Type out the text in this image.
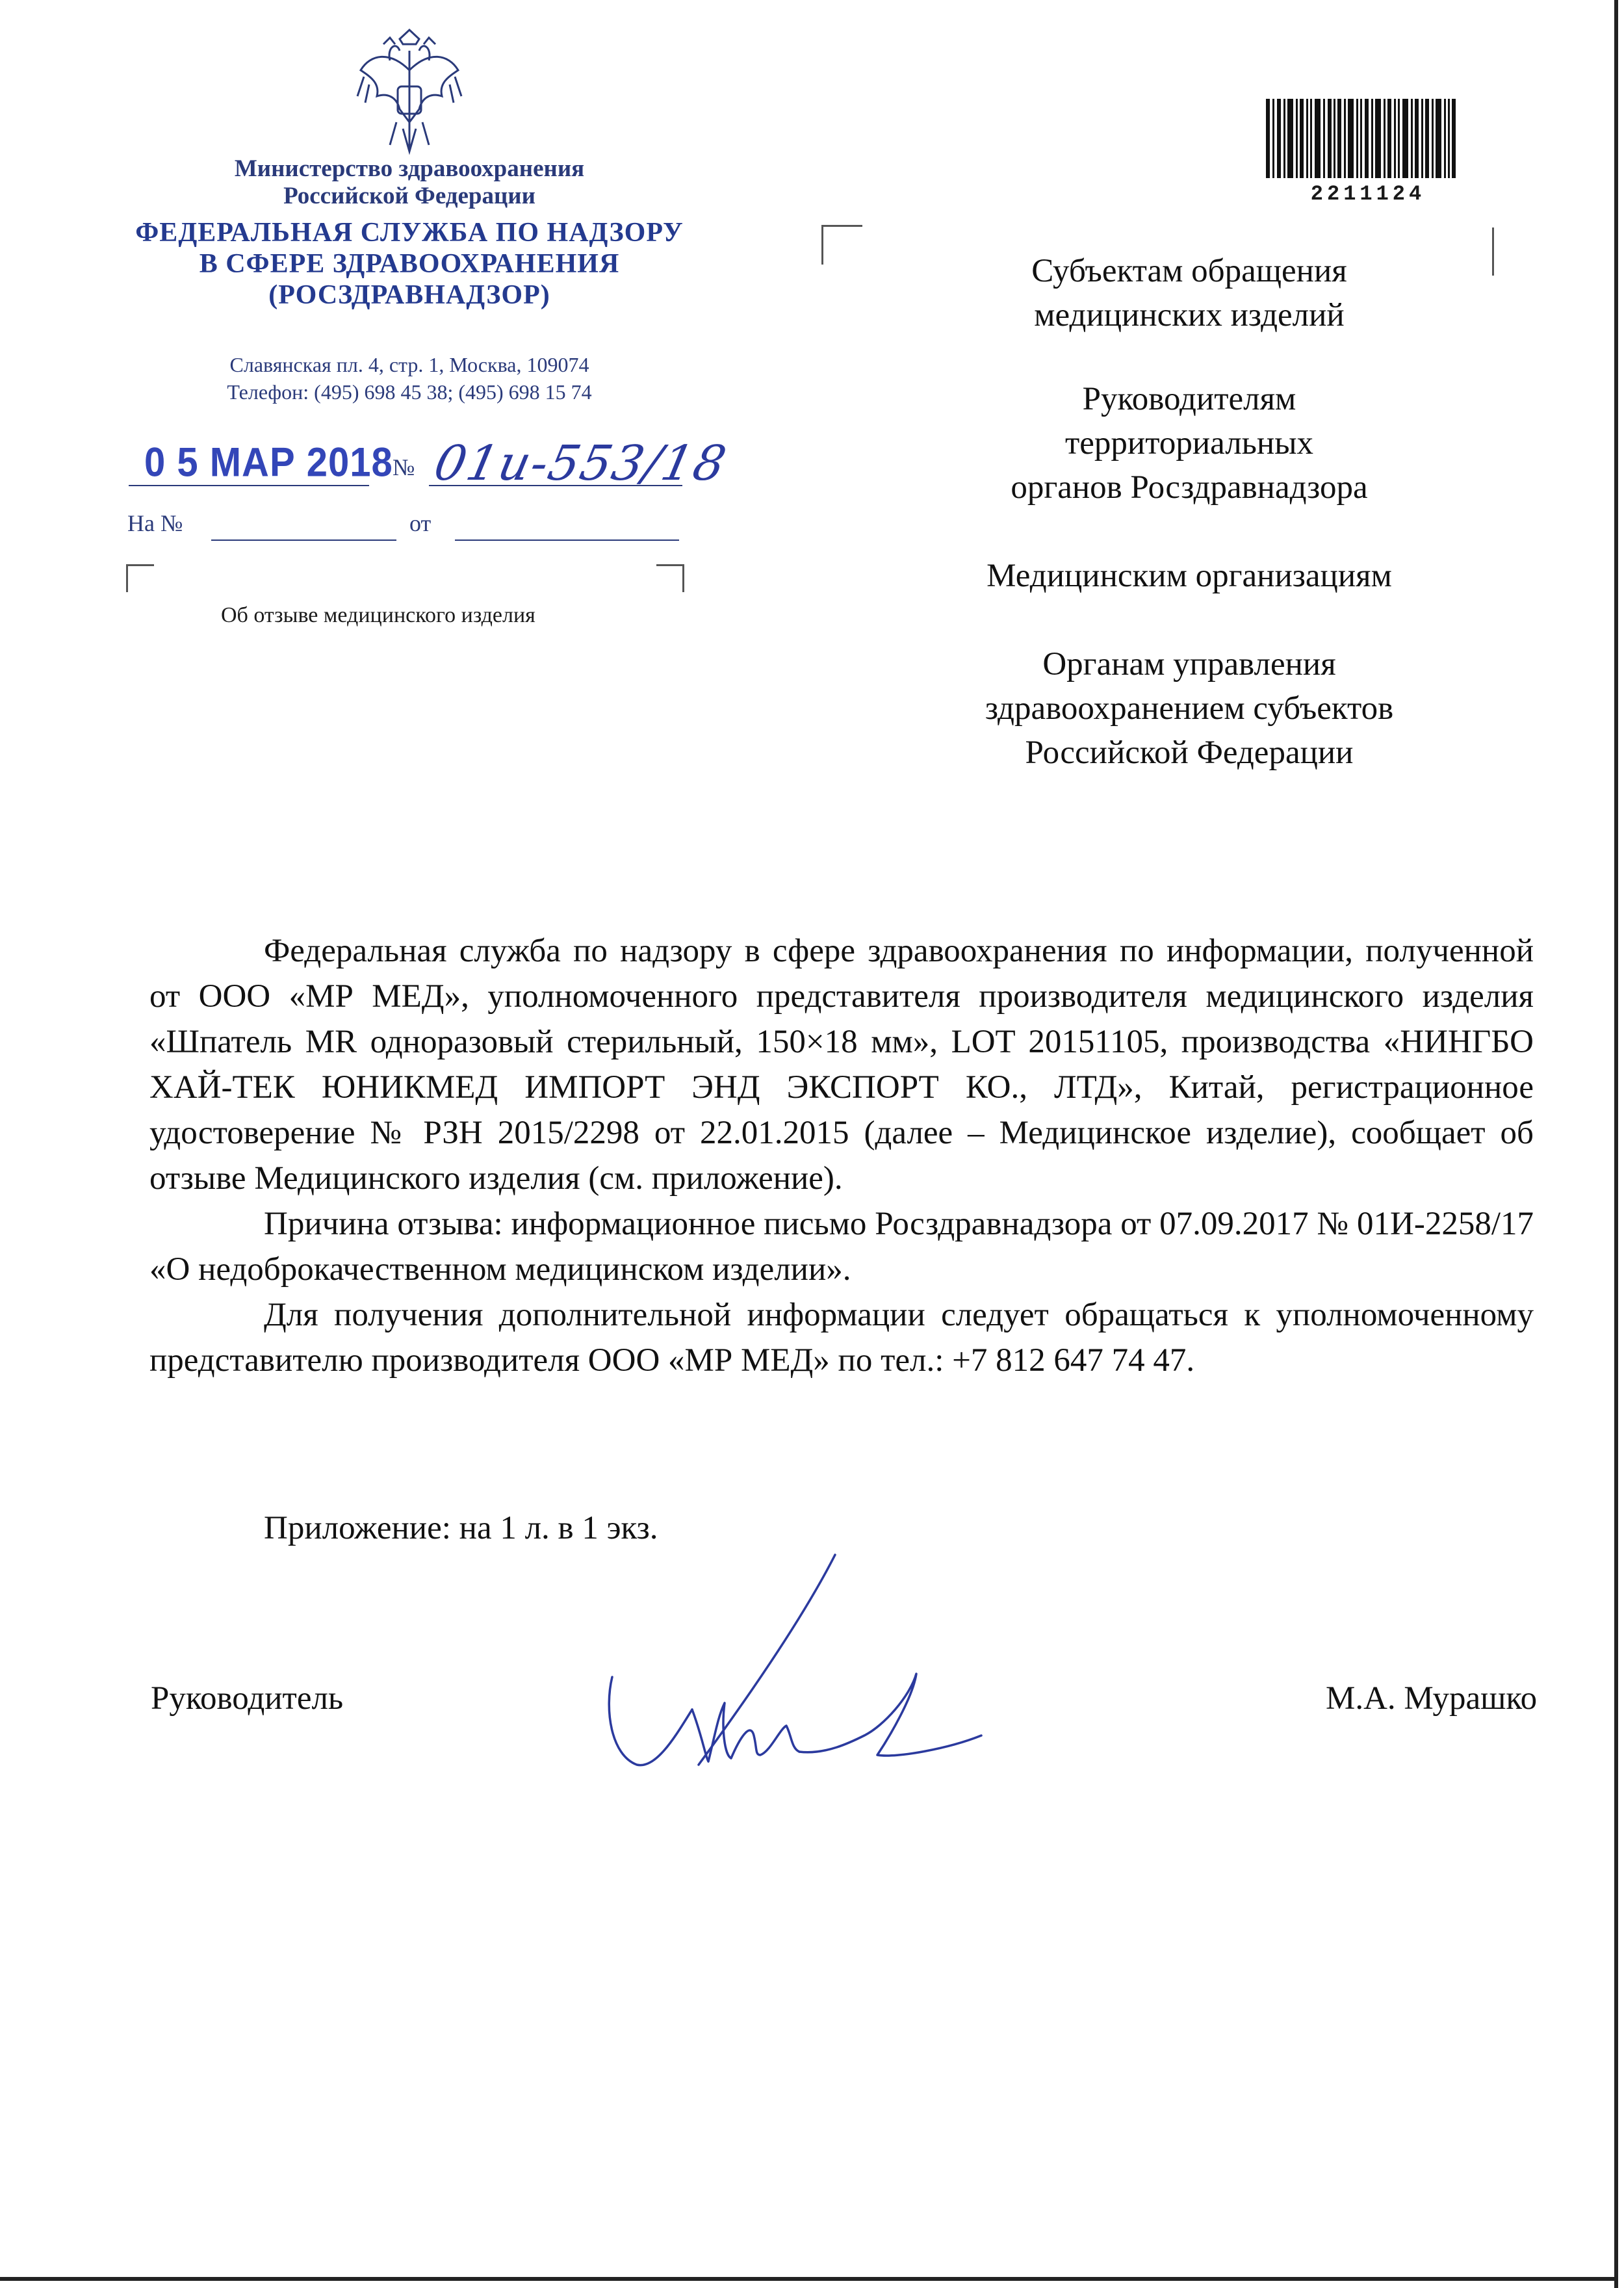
Министерство здравоохранения
Российской Федерации
ФЕДЕРАЛЬНАЯ СЛУЖБА ПО НАДЗОРУ
В СФЕРЕ ЗДРАВООХРАНЕНИЯ
(РОСЗДРАВНАДЗОР)
Славянская пл. 4, стр. 1, Москва, 109074
Телефон: (495) 698 45 38; (495) 698 15 74
0 5 МАР 2018 № 01и-553/18
На №	от
Об отзыве медицинского изделия
2211124
Субъектам обращения
медицинских изделий
Руководителям
территориальных
органов Росздравнадзора
Медицинским организациям
Органам управления
здравоохранением субъектов
Российской Федерации

Федеральная служба по надзору в сфере здравоохранения по информации, полученной от ООО «МР МЕД», уполномоченного представителя производителя медицинского изделия «Шпатель MR одноразовый стерильный, 150×18 мм», LOT 20151105, производства «НИНГБО ХАЙ-ТЕК ЮНИКМЕД ИМПОРТ ЭНД ЭКСПОРТ КО., ЛТД», Китай, регистрационное удостоверение № РЗН 2015/2298 от 22.01.2015 (далее – Медицинское изделие), сообщает об отзыве Медицинского изделия (см. приложение).

Причина отзыва: информационное письмо Росздравнадзора от 07.09.2017 № 01И-2258/17 «О недоброкачественном медицинском изделии».

Для получения дополнительной информации следует обращаться к уполномоченному представителю производителя ООО «МР МЕД» по тел.: +7 812 647 74 47.

Приложение: на 1 л. в 1 экз.
Руководитель	М.А. Мурашко
